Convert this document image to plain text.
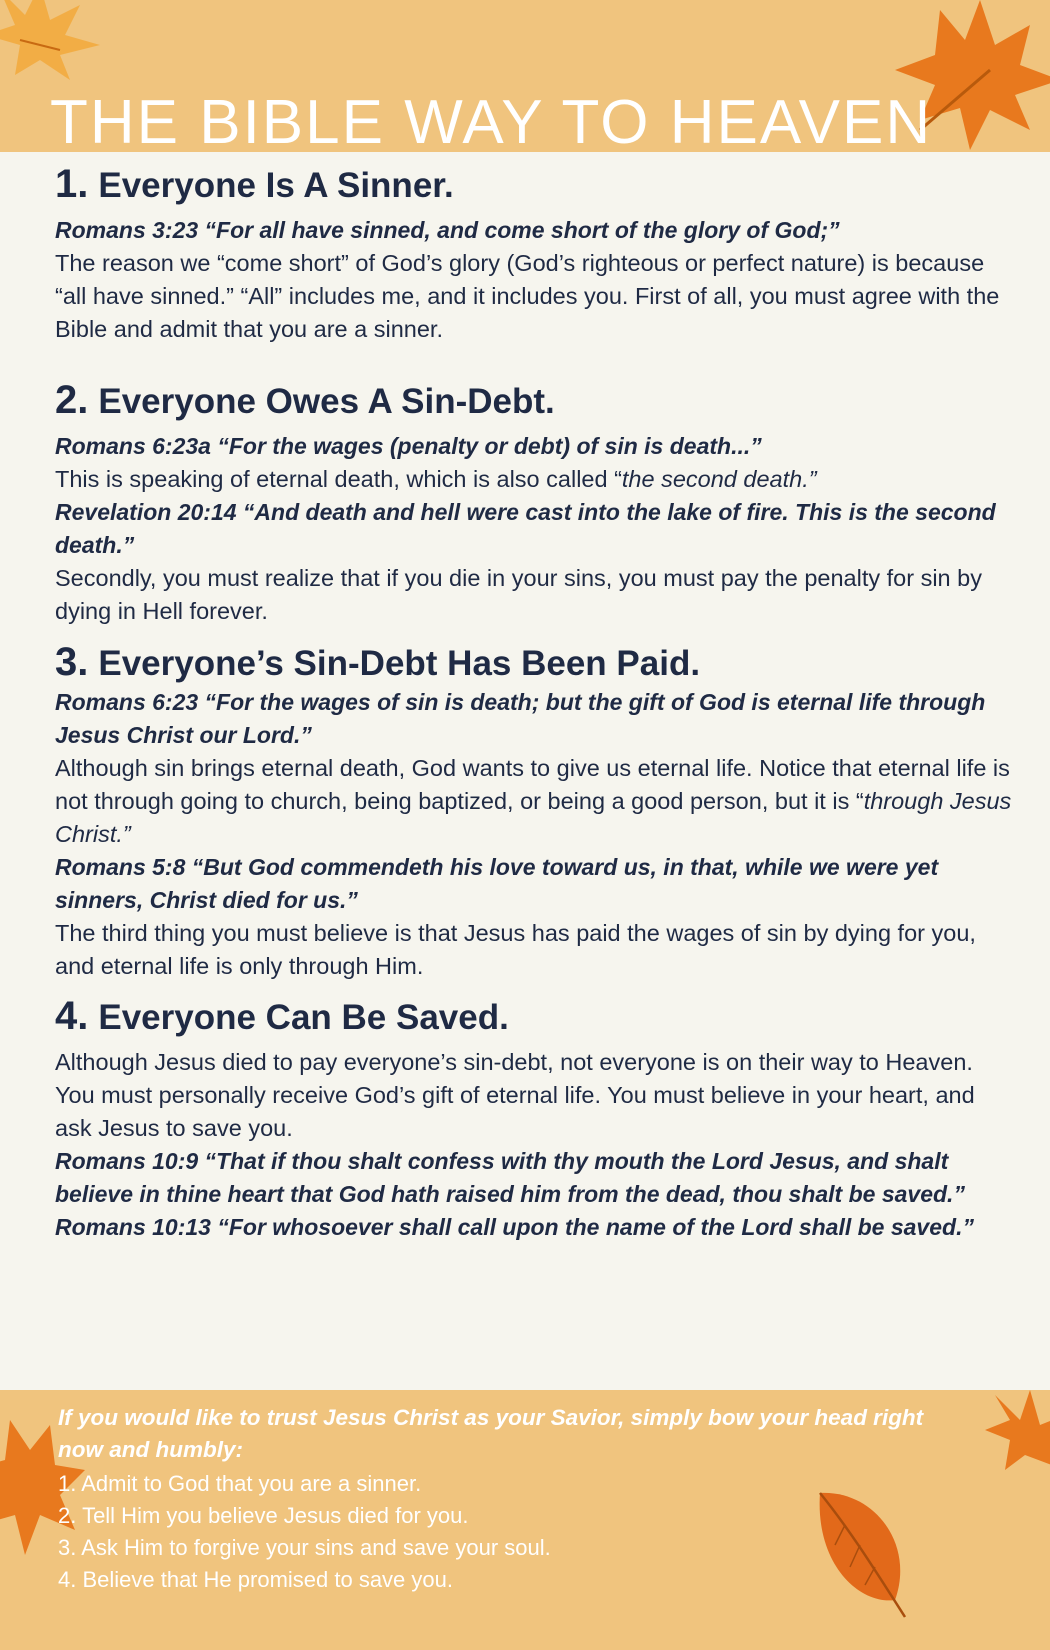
THE BIBLE WAY TO HEAVEN
1. Everyone Is A Sinner.

Romans 3:23 “For all have sinned, and come short of the glory of God;”

The reason we “come short” of God’s glory (God’s righteous or perfect nature) is because “all have sinned.” “All” includes me, and it includes you. First of all, you must agree with the Bible and admit that you are a sinner.

2. Everyone Owes A Sin-Debt.

Romans 6:23a “For the wages (penalty or debt) of sin is death...”

This is speaking of eternal death, which is also called “the second death.”

Revelation 20:14 “And death and hell were cast into the lake of fire. This is the second death.”

Secondly, you must realize that if you die in your sins, you must pay the penalty for sin by dying in Hell forever.

3. Everyone’s Sin-Debt Has Been Paid.

Romans 6:23 “For the wages of sin is death; but the gift of God is eternal life through Jesus Christ our Lord.”

Although sin brings eternal death, God wants to give us eternal life. Notice that eternal life is not through going to church, being baptized, or being a good person, but it is “through Jesus Christ.”

Romans 5:8 “But God commendeth his love toward us, in that, while we were yet sinners, Christ died for us.”

The third thing you must believe is that Jesus has paid the wages of sin by dying for you, and eternal life is only through Him.

4. Everyone Can Be Saved.

Although Jesus died to pay everyone’s sin-debt, not everyone is on their way to Heaven. You must personally receive God’s gift of eternal life. You must believe in your heart, and ask Jesus to save you.

Romans 10:9 “That if thou shalt confess with thy mouth the Lord Jesus, and shalt believe in thine heart that God hath raised him from the dead, thou shalt be saved.”

Romans 10:13 “For whosoever shall call upon the name of the Lord shall be saved.”

If you would like to trust Jesus Christ as your Savior, simply bow your head right now and humbly:
1. Admit to God that you are a sinner.
2. Tell Him you believe Jesus died for you.
3. Ask Him to forgive your sins and save your soul.
4. Believe that He promised to save you.
